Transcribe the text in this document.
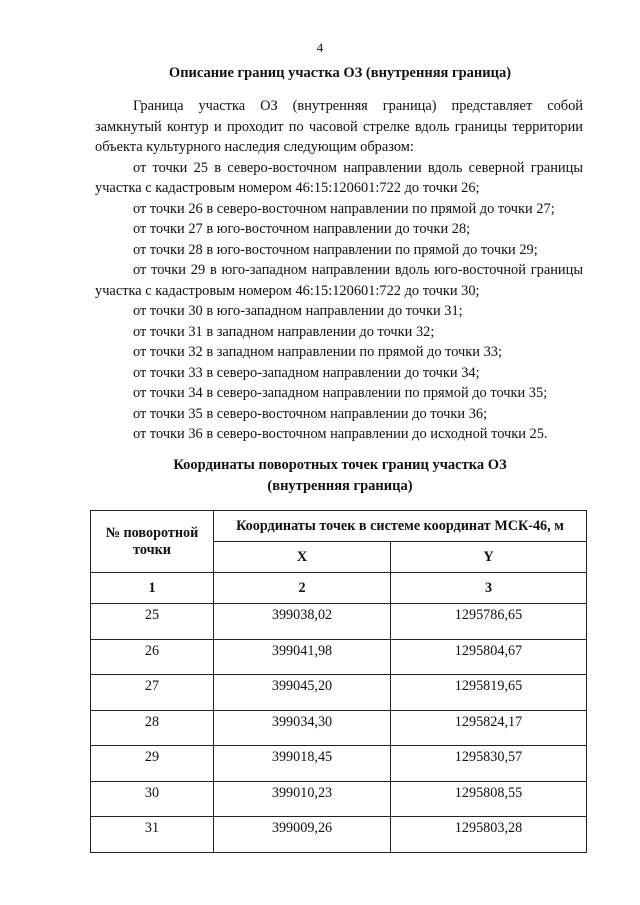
4
Описание границ участка ОЗ (внутренняя граница)

Граница участка ОЗ (внутренняя граница) представляет собой замкнутый контур и проходит по часовой стрелке вдоль границы территории объекта культурного наследия следующим образом:

от точки 25 в северо-восточном направлении вдоль северной границы участка с кадастровым номером 46:15:120601:722 до точки 26;

от точки 26 в северо-восточном направлении по прямой до точки 27;

от точки 27 в юго-восточном направлении до точки 28;

от точки 28 в юго-восточном направлении по прямой до точки 29;

от точки 29 в юго-западном направлении вдоль юго-восточной границы участка с кадастровым номером 46:15:120601:722 до точки 30;

от точки 30 в юго-западном направлении до точки 31;

от точки 31 в западном направлении до точки 32;

от точки 32 в западном направлении по прямой до точки 33;

от точки 33 в северо-западном направлении до точки 34;

от точки 34 в северо-западном направлении по прямой до точки 35;

от точки 35 в северо-восточном направлении до точки 36;

от точки 36 в северо-восточном направлении до исходной точки 25.

Координаты поворотных точек границ участка ОЗ
(внутренняя граница)
№ поворотной точки	Координаты точек в системе координат МСК-46, м	
	X	Y
1	2	3
25	399038,02	1295786,65
26	399041,98	1295804,67
27	399045,20	1295819,65
28	399034,30	1295824,17
29	399018,45	1295830,57
30	399010,23	1295808,55
31	399009,26	1295803,28
